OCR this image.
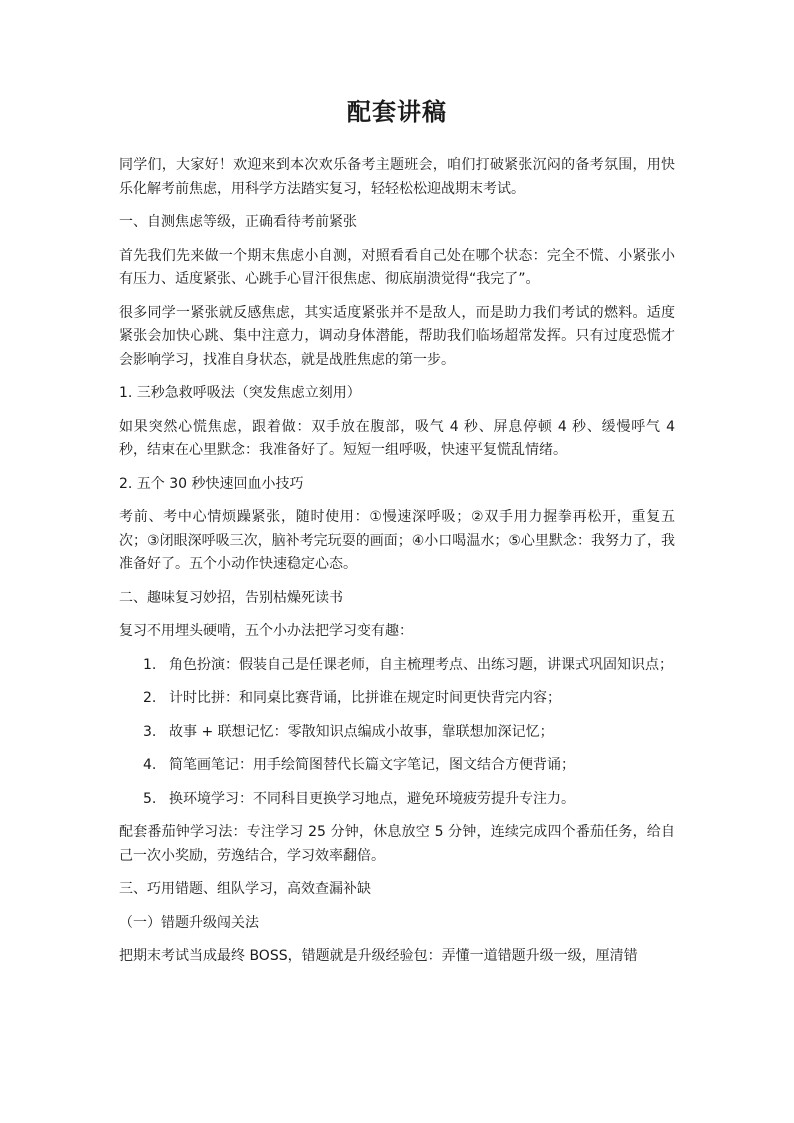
配套讲稿

同学们，大家好！欢迎来到本次欢乐备考主题班会，咱们打破紧张沉闷的备考氛围，用快乐化解考前焦虑，用科学方法踏实复习，轻轻松松迎战期末考试。

一、自测焦虑等级，正确看待考前紧张

首先我们先来做一个期末焦虑小自测，对照看看自己处在哪个状态：完全不慌、小紧张小有压力、适度紧张、心跳手心冒汗很焦虑、彻底崩溃觉得“我完了”。

很多同学一紧张就反感焦虑，其实适度紧张并不是敌人，而是助力我们考试的燃料。适度紧张会加快心跳、集中注意力，调动身体潜能，帮助我们临场超常发挥。只有过度恐慌才会影响学习，找准自身状态，就是战胜焦虑的第一步。

1. 三秒急救呼吸法（突发焦虑立刻用）

如果突然心慌焦虑，跟着做：双手放在腹部，吸气 4 秒、屏息停顿 4 秒、缓慢呼气 4 秒，结束在心里默念：我准备好了。短短一组呼吸，快速平复慌乱情绪。

2. 五个 30 秒快速回血小技巧

考前、考中心情烦躁紧张，随时使用：①慢速深呼吸；②双手用力握拳再松开，重复五次；③闭眼深呼吸三次，脑补考完玩耍的画面；④小口喝温水；⑤心里默念：我努力了，我准备好了。五个小动作快速稳定心态。

二、趣味复习妙招，告别枯燥死读书

复习不用埋头硬啃，五个小办法把学习变有趣：

1. 角色扮演：假装自己是任课老师，自主梳理考点、出练习题，讲课式巩固知识点；
2. 计时比拼：和同桌比赛背诵，比拼谁在规定时间更快背完内容；
3. 故事 + 联想记忆：零散知识点编成小故事，靠联想加深记忆；
4. 简笔画笔记：用手绘简图替代长篇文字笔记，图文结合方便背诵；
5. 换环境学习：不同科目更换学习地点，避免环境疲劳提升专注力。

配套番茄钟学习法：专注学习 25 分钟，休息放空 5 分钟，连续完成四个番茄任务，给自己一次小奖励，劳逸结合，学习效率翻倍。

三、巧用错题、组队学习，高效查漏补缺

（一）错题升级闯关法

把期末考试当成最终 BOSS，错题就是升级经验包：弄懂一道错题升级一级，厘清错
